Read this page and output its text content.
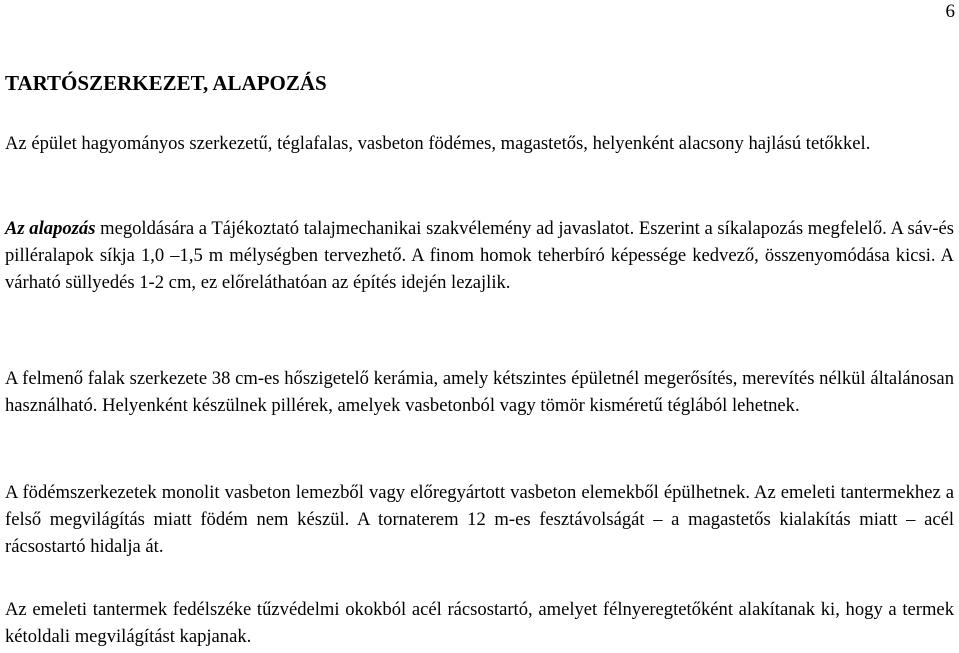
6
TARTÓSZERKEZET, ALAPOZÁS

Az épület hagyományos szerkezetű, téglafalas, vasbeton födémes, magastetős, helyenként alacsony hajlású tetőkkel.

Az alapozás megoldására a Tájékoztató talajmechanikai szakvélemény ad javaslatot. Eszerint a síkalapozás megfelelő. A sáv-és pilléralapok síkja 1,0 –1,5 m mélységben tervezhető. A finom homok teherbíró képessége kedvező, összenyomódása kicsi. A várható süllyedés 1-2 cm, ez előreláthatóan az építés idején lezajlik.

A felmenő falak szerkezete 38 cm-es hőszigetelő kerámia, amely kétszintes épületnél megerősítés, merevítés nélkül általánosan használható. Helyenként készülnek pillérek, amelyek vasbetonból vagy tömör kisméretű téglából lehetnek.

A födémszerkezetek monolit vasbeton lemezből vagy előregyártott vasbeton elemekből épülhetnek. Az emeleti tantermekhez a felső megvilágítás miatt födém nem készül. A tornaterem 12 m-es fesztávolságát – a magastetős kialakítás miatt – acél rácsostartó hidalja át.

Az emeleti tantermek fedélszéke tűzvédelmi okokból acél rácsostartó, amelyet félnyeregtetőként alakítanak ki, hogy a termek kétoldali megvilágítást kapjanak.
